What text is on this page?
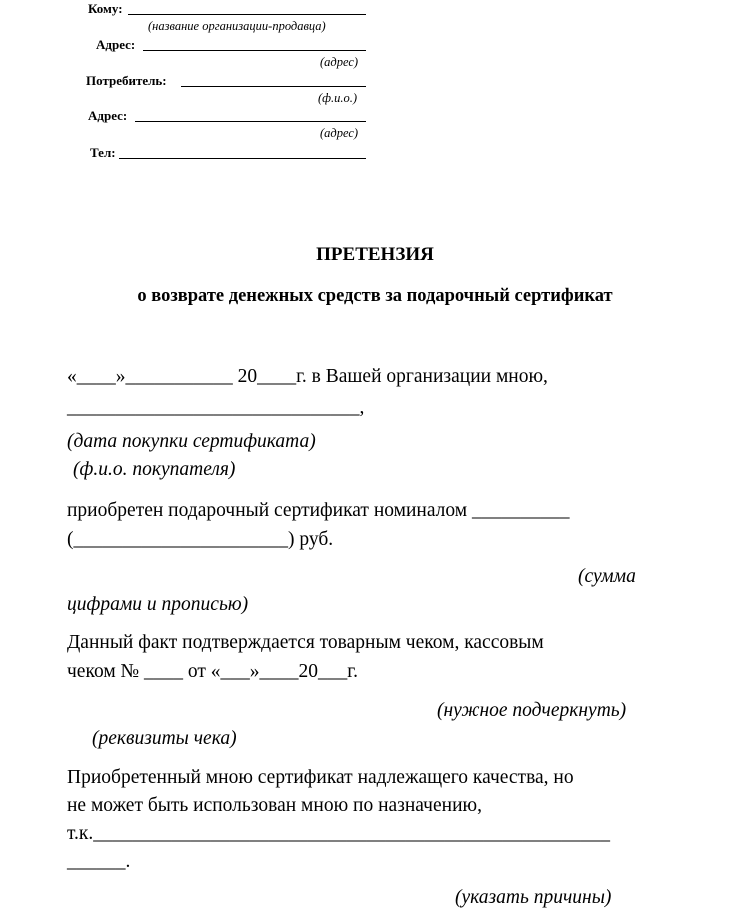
Кому:
(название организации-продавца)
Адрес:
(адрес)
Потребитель:
(ф.и.о.)
Адрес:
(адрес)
Тел:
ПРЕТЕНЗИЯ
о возврате денежных средств за подарочный сертификат
«____»___________ 20____г. в Вашей организации мною,
______________________________,
(дата покупки сертификата)
(ф.и.о. покупателя)
приобретен подарочный сертификат номиналом __________
(______________________) руб.
(сумма
цифрами и прописью)
Данный факт подтверждается товарным чеком, кассовым
чеком № ____ от «___»____20___г.
(нужное подчеркнуть)
(реквизиты чека)
Приобретенный мною сертификат надлежащего качества, но
не может быть использован мною по назначению,
т.к._____________________________________________________
______.
(указать причины)
